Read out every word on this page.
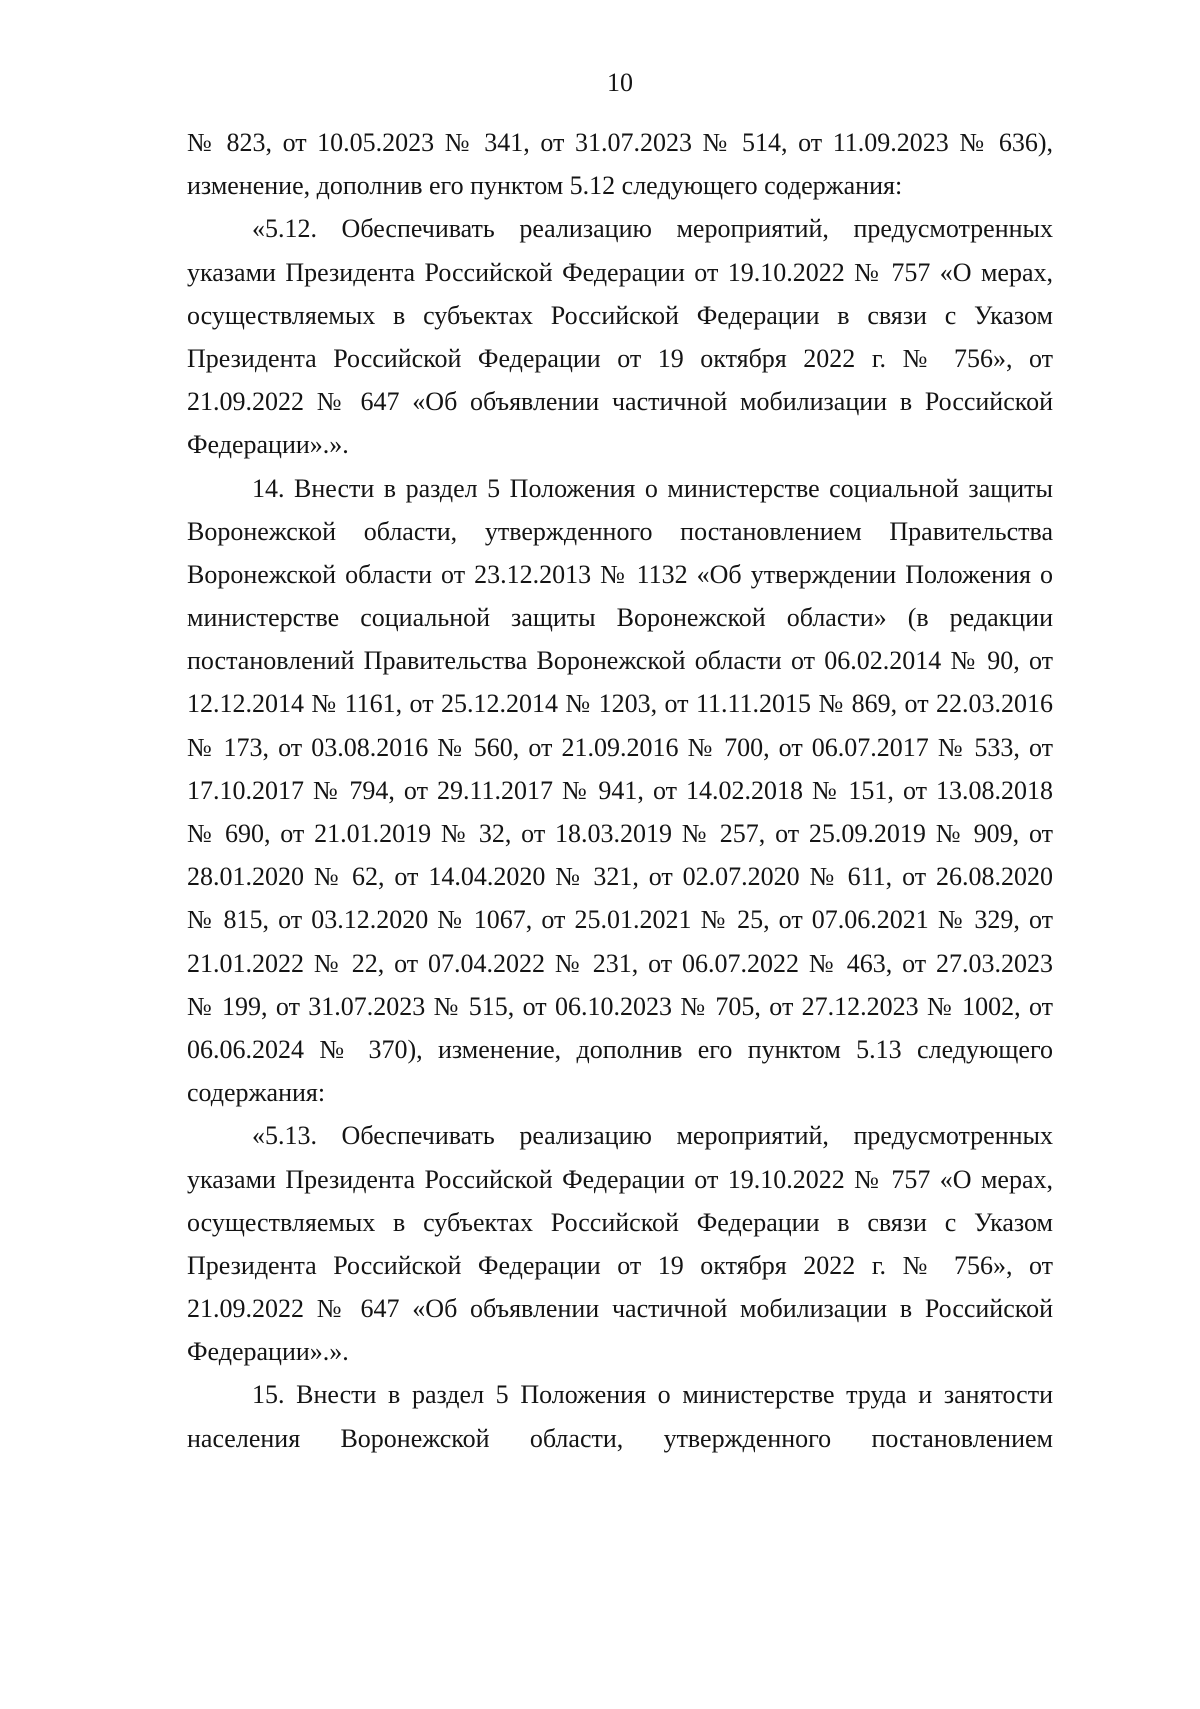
10
№ 823, от 10.05.2023 № 341, от 31.07.2023 № 514, от 11.09.2023 № 636),
изменение, дополнив его пунктом 5.12 следующего содержания:
«5.12. Обеспечивать реализацию мероприятий, предусмотренных
указами Президента Российской Федерации от 19.10.2022 № 757 «О мерах,
осуществляемых в субъектах Российской Федерации в связи с Указом
Президента Российской Федерации от 19 октября 2022 г. № 756», от
21.09.2022 № 647 «Об объявлении частичной мобилизации в Российской
Федерации».».
14. Внести в раздел 5 Положения о министерстве социальной защиты
Воронежской области, утвержденного постановлением Правительства
Воронежской области от 23.12.2013 № 1132 «Об утверждении Положения о
министерстве социальной защиты Воронежской области» (в редакции
постановлений Правительства Воронежской области от 06.02.2014 № 90, от
12.12.2014 № 1161, от 25.12.2014 № 1203, от 11.11.2015 № 869, от 22.03.2016
№ 173, от 03.08.2016 № 560, от 21.09.2016 № 700, от 06.07.2017 № 533, от
17.10.2017 № 794, от 29.11.2017 № 941, от 14.02.2018 № 151, от 13.08.2018
№ 690, от 21.01.2019 № 32, от 18.03.2019 № 257, от 25.09.2019 № 909, от
28.01.2020 № 62, от 14.04.2020 № 321, от 02.07.2020 № 611, от 26.08.2020
№ 815, от 03.12.2020 № 1067, от 25.01.2021 № 25, от 07.06.2021 № 329, от
21.01.2022 № 22, от 07.04.2022 № 231, от 06.07.2022 № 463, от 27.03.2023
№ 199, от 31.07.2023 № 515, от 06.10.2023 № 705, от 27.12.2023 № 1002, от
06.06.2024 № 370), изменение, дополнив его пунктом 5.13 следующего
содержания:
«5.13. Обеспечивать реализацию мероприятий, предусмотренных
указами Президента Российской Федерации от 19.10.2022 № 757 «О мерах,
осуществляемых в субъектах Российской Федерации в связи с Указом
Президента Российской Федерации от 19 октября 2022 г. № 756», от
21.09.2022 № 647 «Об объявлении частичной мобилизации в Российской
Федерации».».
15. Внести в раздел 5 Положения о министерстве труда и занятости
населения Воронежской области, утвержденного постановлением
